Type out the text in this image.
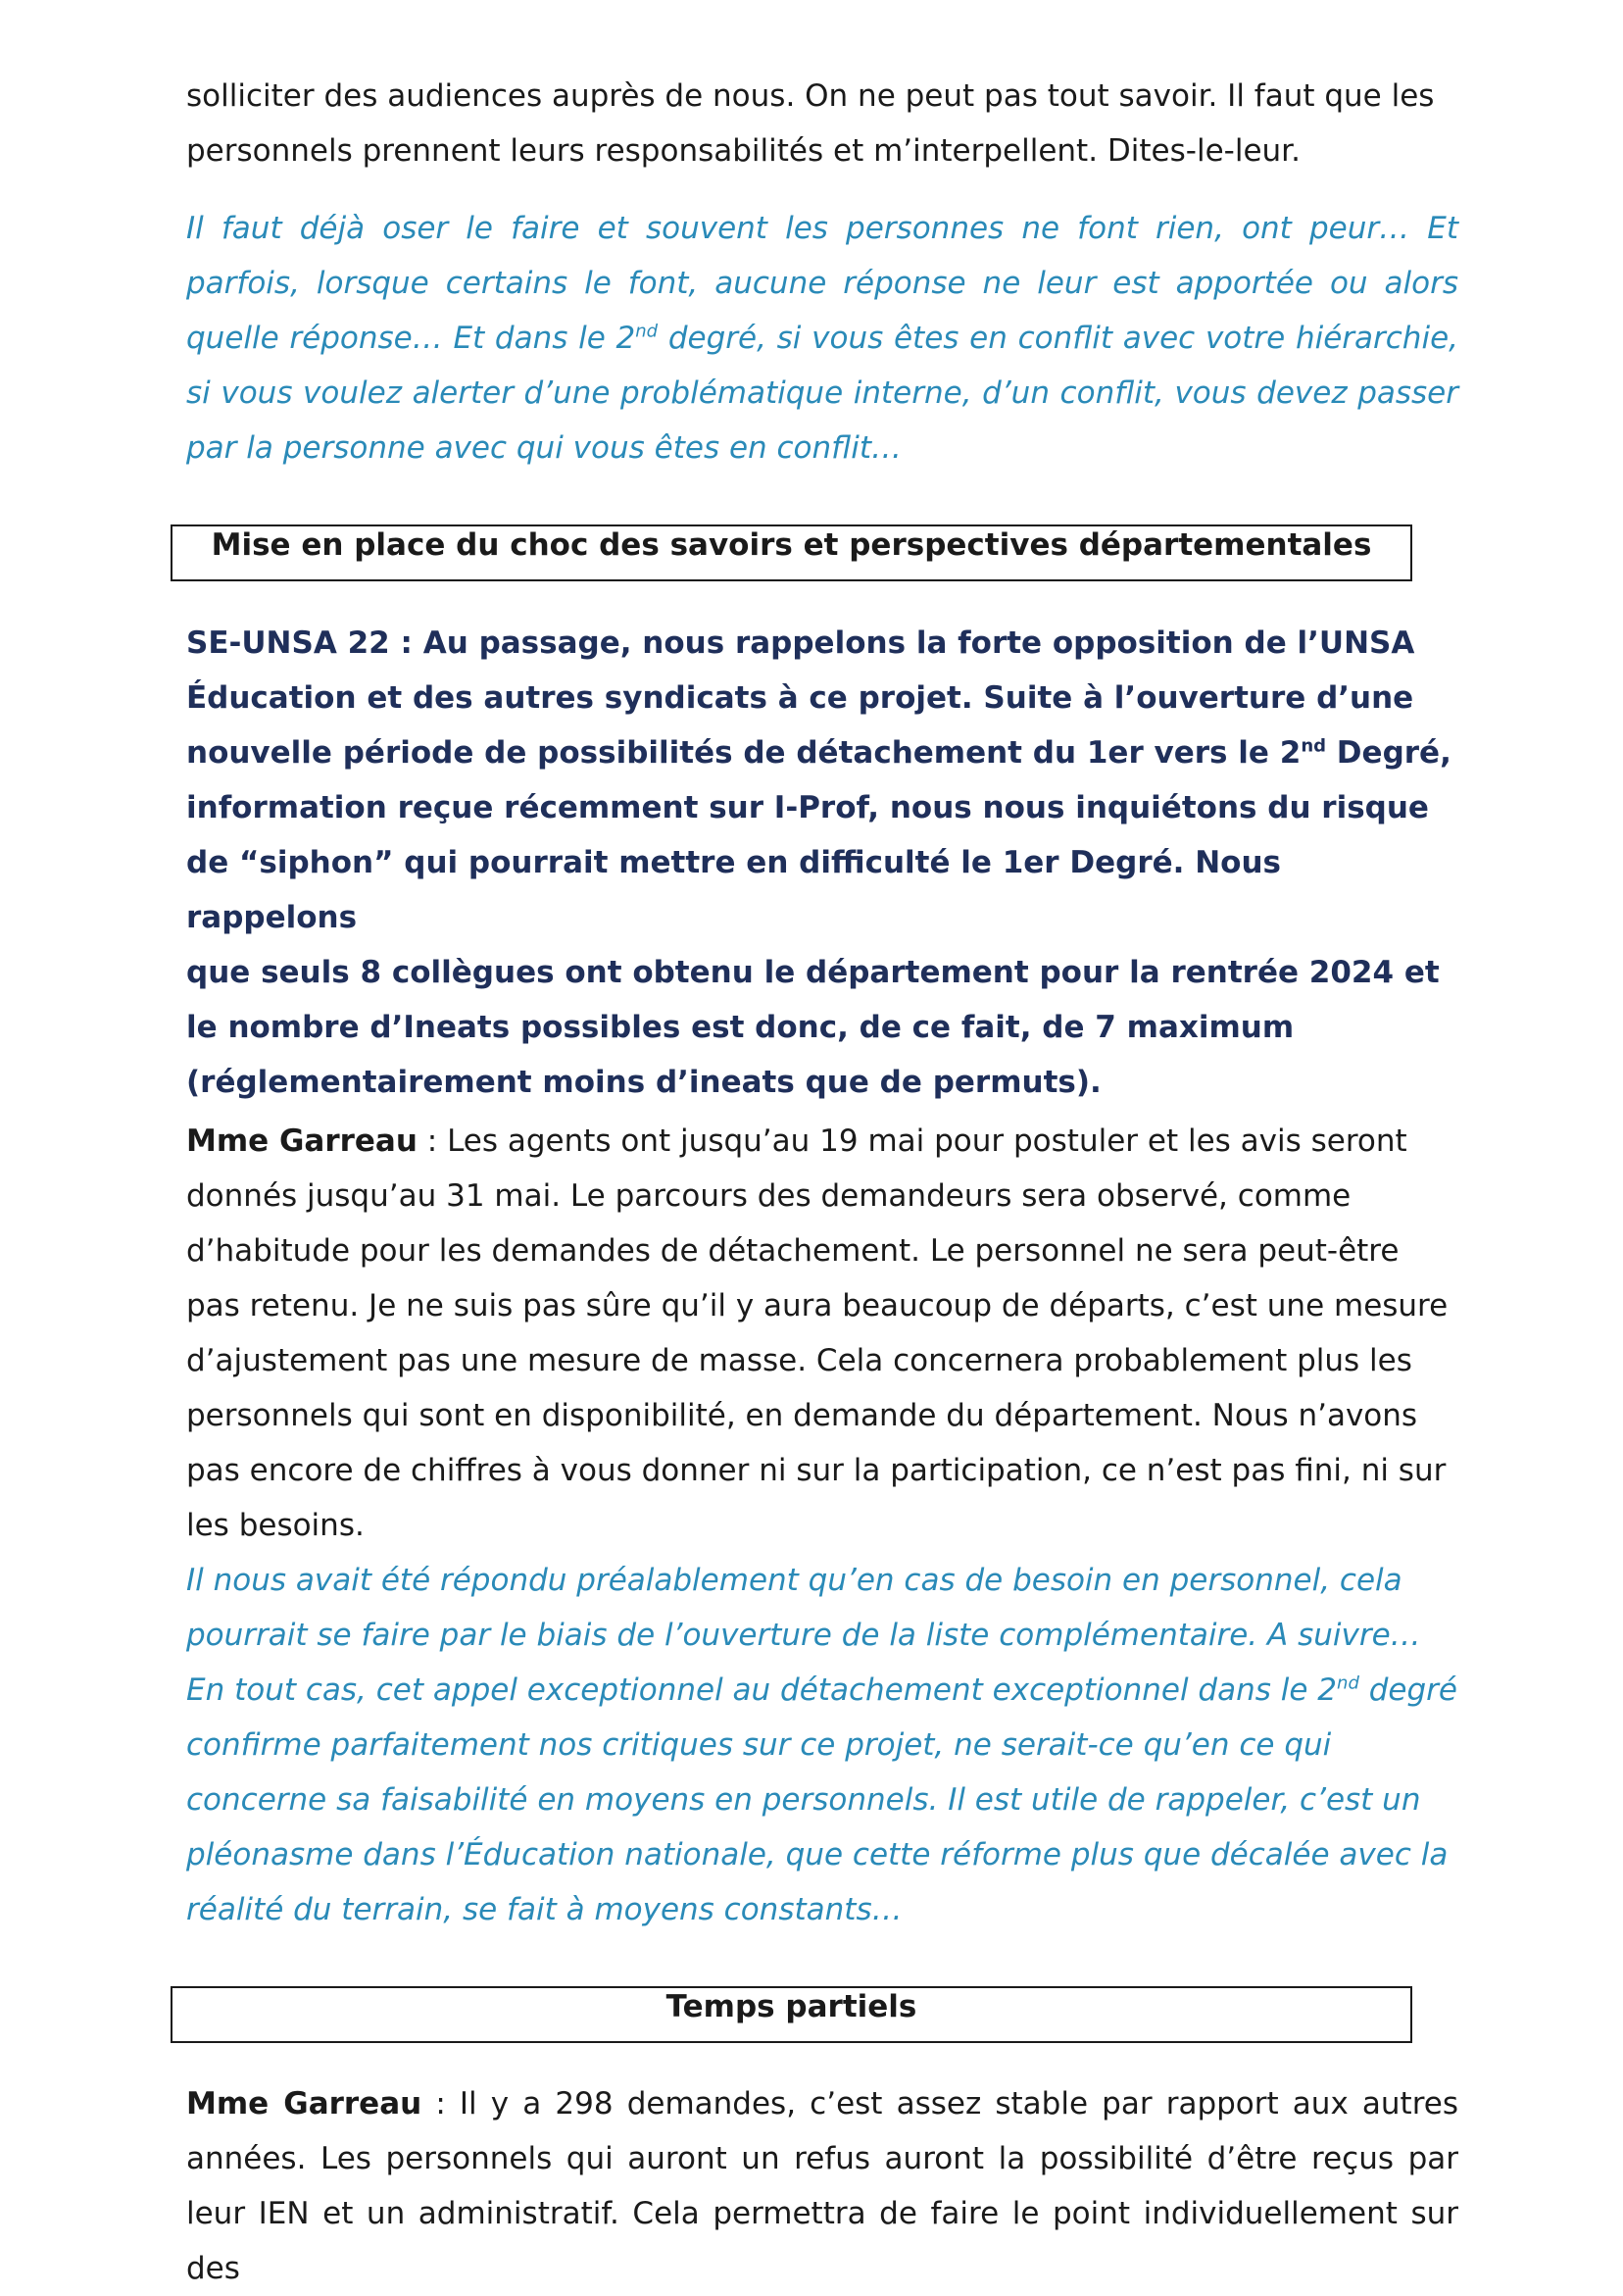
solliciter des audiences auprès de nous. On ne peut pas tout savoir. Il faut que les

personnels prennent leurs responsabilités et m’interpellent. Dites-le-leur.

Il faut déjà oser le faire et souvent les personnes ne font rien, ont peur… Et parfois, lorsque certains le font, aucune réponse ne leur est apportée ou alors quelle réponse… Et dans le 2nd degré, si vous êtes en conflit avec votre hiérarchie, si vous voulez alerter d’une problématique interne, d’un conflit, vous devez passer par la personne avec qui vous êtes en conflit…

Mise en place du choc des savoirs et perspectives départementales

SE-UNSA 22 : Au passage, nous rappelons la forte opposition de l’UNSA

Éducation et des autres syndicats à ce projet. Suite à l’ouverture d’une

nouvelle période de possibilités de détachement du 1er vers le 2nd Degré,

information reçue récemment sur I-Prof, nous nous inquiétons du risque

de “siphon” qui pourrait mettre en difficulté le 1er Degré. Nous rappelons

que seuls 8 collègues ont obtenu le département pour la rentrée 2024 et

le nombre d’Ineats possibles est donc, de ce fait, de 7 maximum

(réglementairement moins d’ineats que de permuts).

Mme Garreau : Les agents ont jusqu’au 19 mai pour postuler et les avis seront

donnés jusqu’au 31 mai. Le parcours des demandeurs sera observé, comme

d’habitude pour les demandes de détachement. Le personnel ne sera peut-être

pas retenu. Je ne suis pas sûre qu’il y aura beaucoup de départs, c’est une mesure

d’ajustement pas une mesure de masse. Cela concernera probablement plus les

personnels qui sont en disponibilité, en demande du département. Nous n’avons

pas encore de chiffres à vous donner ni sur la participation, ce n’est pas fini, ni sur

les besoins.

Il nous avait été répondu préalablement qu’en cas de besoin en personnel, cela

pourrait se faire par le biais de l’ouverture de la liste complémentaire. A suivre…

En tout cas, cet appel exceptionnel au détachement exceptionnel dans le 2nd degré

confirme parfaitement nos critiques sur ce projet, ne serait-ce qu’en ce qui

concerne sa faisabilité en moyens en personnels. Il est utile de rappeler, c’est un

pléonasme dans l’Éducation nationale, que cette réforme plus que décalée avec la

réalité du terrain, se fait à moyens constants…

Temps partiels

Mme Garreau : Il y a 298 demandes, c’est assez stable par rapport aux autres années. Les personnels qui auront un refus auront la possibilité d’être reçus par leur IEN et un administratif. Cela permettra de faire le point individuellement sur des
